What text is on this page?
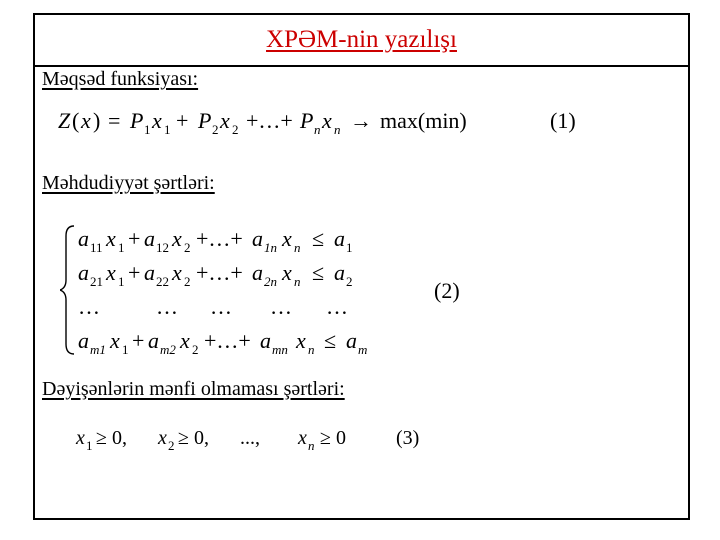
XPƏM-nin yazılışı
Məqsəd funksiyası:
Z ( x ) = P 1 x 1 + P 2 x 2 +…+ P n x n → max(min)	(1)
Məhdudiyyət şərtləri:
a 11 x 1 + a 12 x 2 +…+ a 1n x n ≤ a 1
a 21 x 1 + a 22 x 2 +…+ a 2n x n ≤ a 2
…	… … … …
a m1 x 1 + a m2 x 2 +…+ a mn x n ≤ a m
(2)
Dəyişənlərin mənfi olmaması şərtləri:
x 1 ≥ 0, x 2 ≥ 0, ..., x n ≥ 0	(3)
